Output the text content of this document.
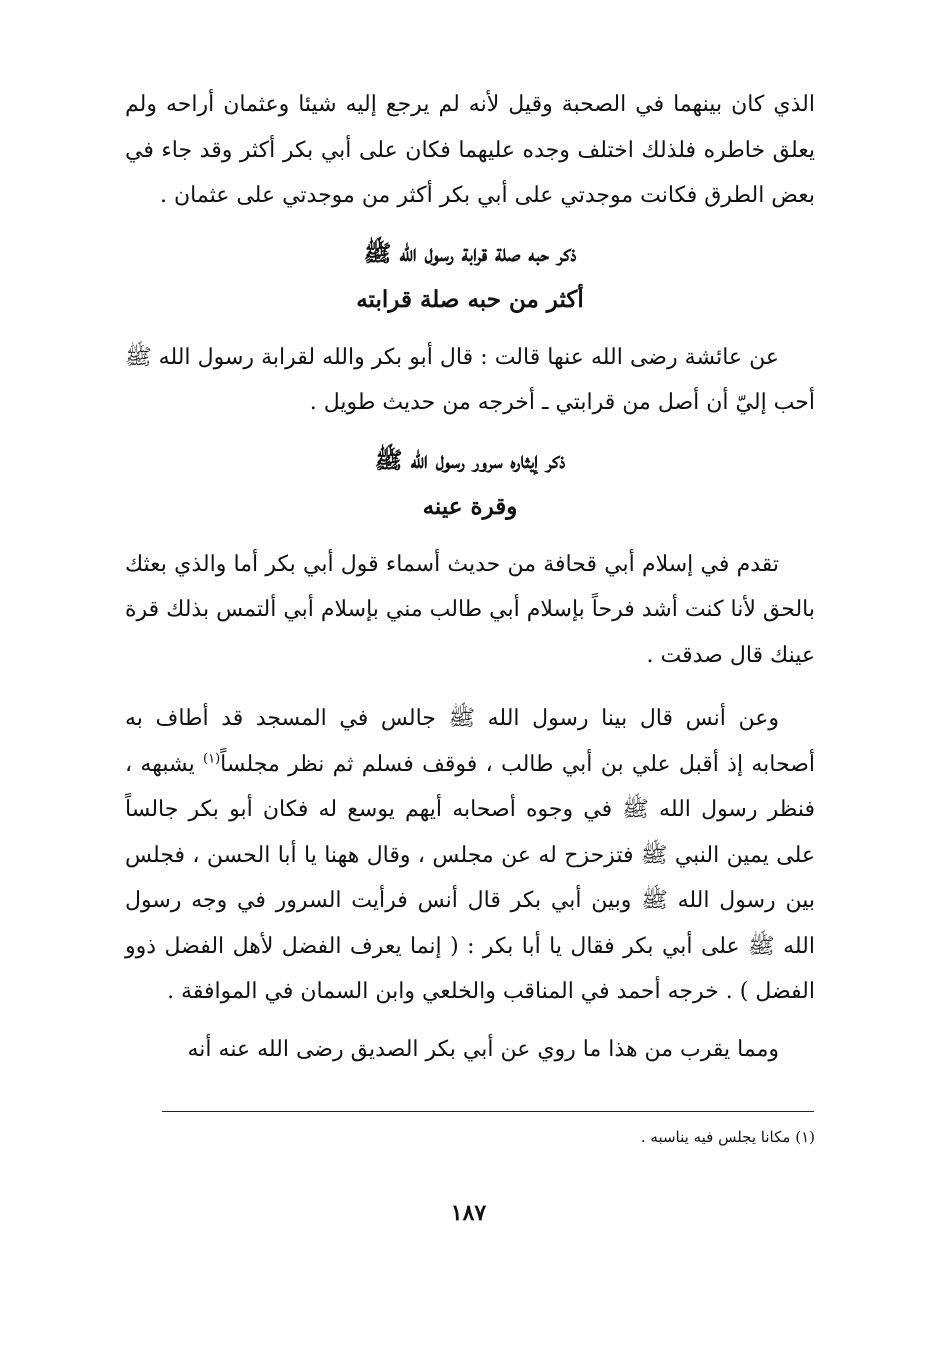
الذي كان بينهما في الصحبة وقيل لأنه لم يرجع إليه شيئا وعثمان أراحه ولم يعلق خاطره فلذلك اختلف وجده عليهما فكان على أبي بكر أكثر وقد جاء في بعض الطرق فكانت موجدتي على أبي بكر أكثر من موجدتي على عثمان .

ذكر حبه صلة قرابة رسول الله ﷺ
أكثر من حبه صلة قرابته

عن عائشة رضى الله عنها قالت : قال أبو بكر والله لقرابة رسول الله ﷺ أحب إليّ أن أصل من قرابتي ـ أخرجه من حديث طويل .

ذكر إيثاره سرور رسول الله ﷺ
وقرة عينه

تقدم في إسلام أبي قحافة من حديث أسماء قول أبي بكر أما والذي بعثك بالحق لأنا كنت أشد فرحاً بإسلام أبي طالب مني بإسلام أبي ألتمس بذلك قرة عينك قال صدقت .

وعن أنس قال بينا رسول الله ﷺ جالس في المسجد قد أطاف به أصحابه إذ أقبل علي بن أبي طالب ، فوقف فسلم ثم نظر مجلساً$^{(١)}$ يشبهه ، فنظر رسول الله ﷺ في وجوه أصحابه أيهم يوسع له فكان أبو بكر جالساً على يمين النبي ﷺ فتزحزح له عن مجلس ، وقال ههنا يا أبا الحسن ، فجلس بين رسول الله ﷺ وبين أبي بكر قال أنس فرأيت السرور في وجه رسول الله ﷺ على أبي بكر فقال يا أبا بكر : ( إنما يعرف الفضل لأهل الفضل ذوو الفضل ) . خرجه أحمد في المناقب والخلعي وابن السمان في الموافقة .

ومما يقرب من هذا ما روي عن أبي بكر الصديق رضى الله عنه أنه

(١) مكانا يجلس فيه يناسبه .
١٨٧
